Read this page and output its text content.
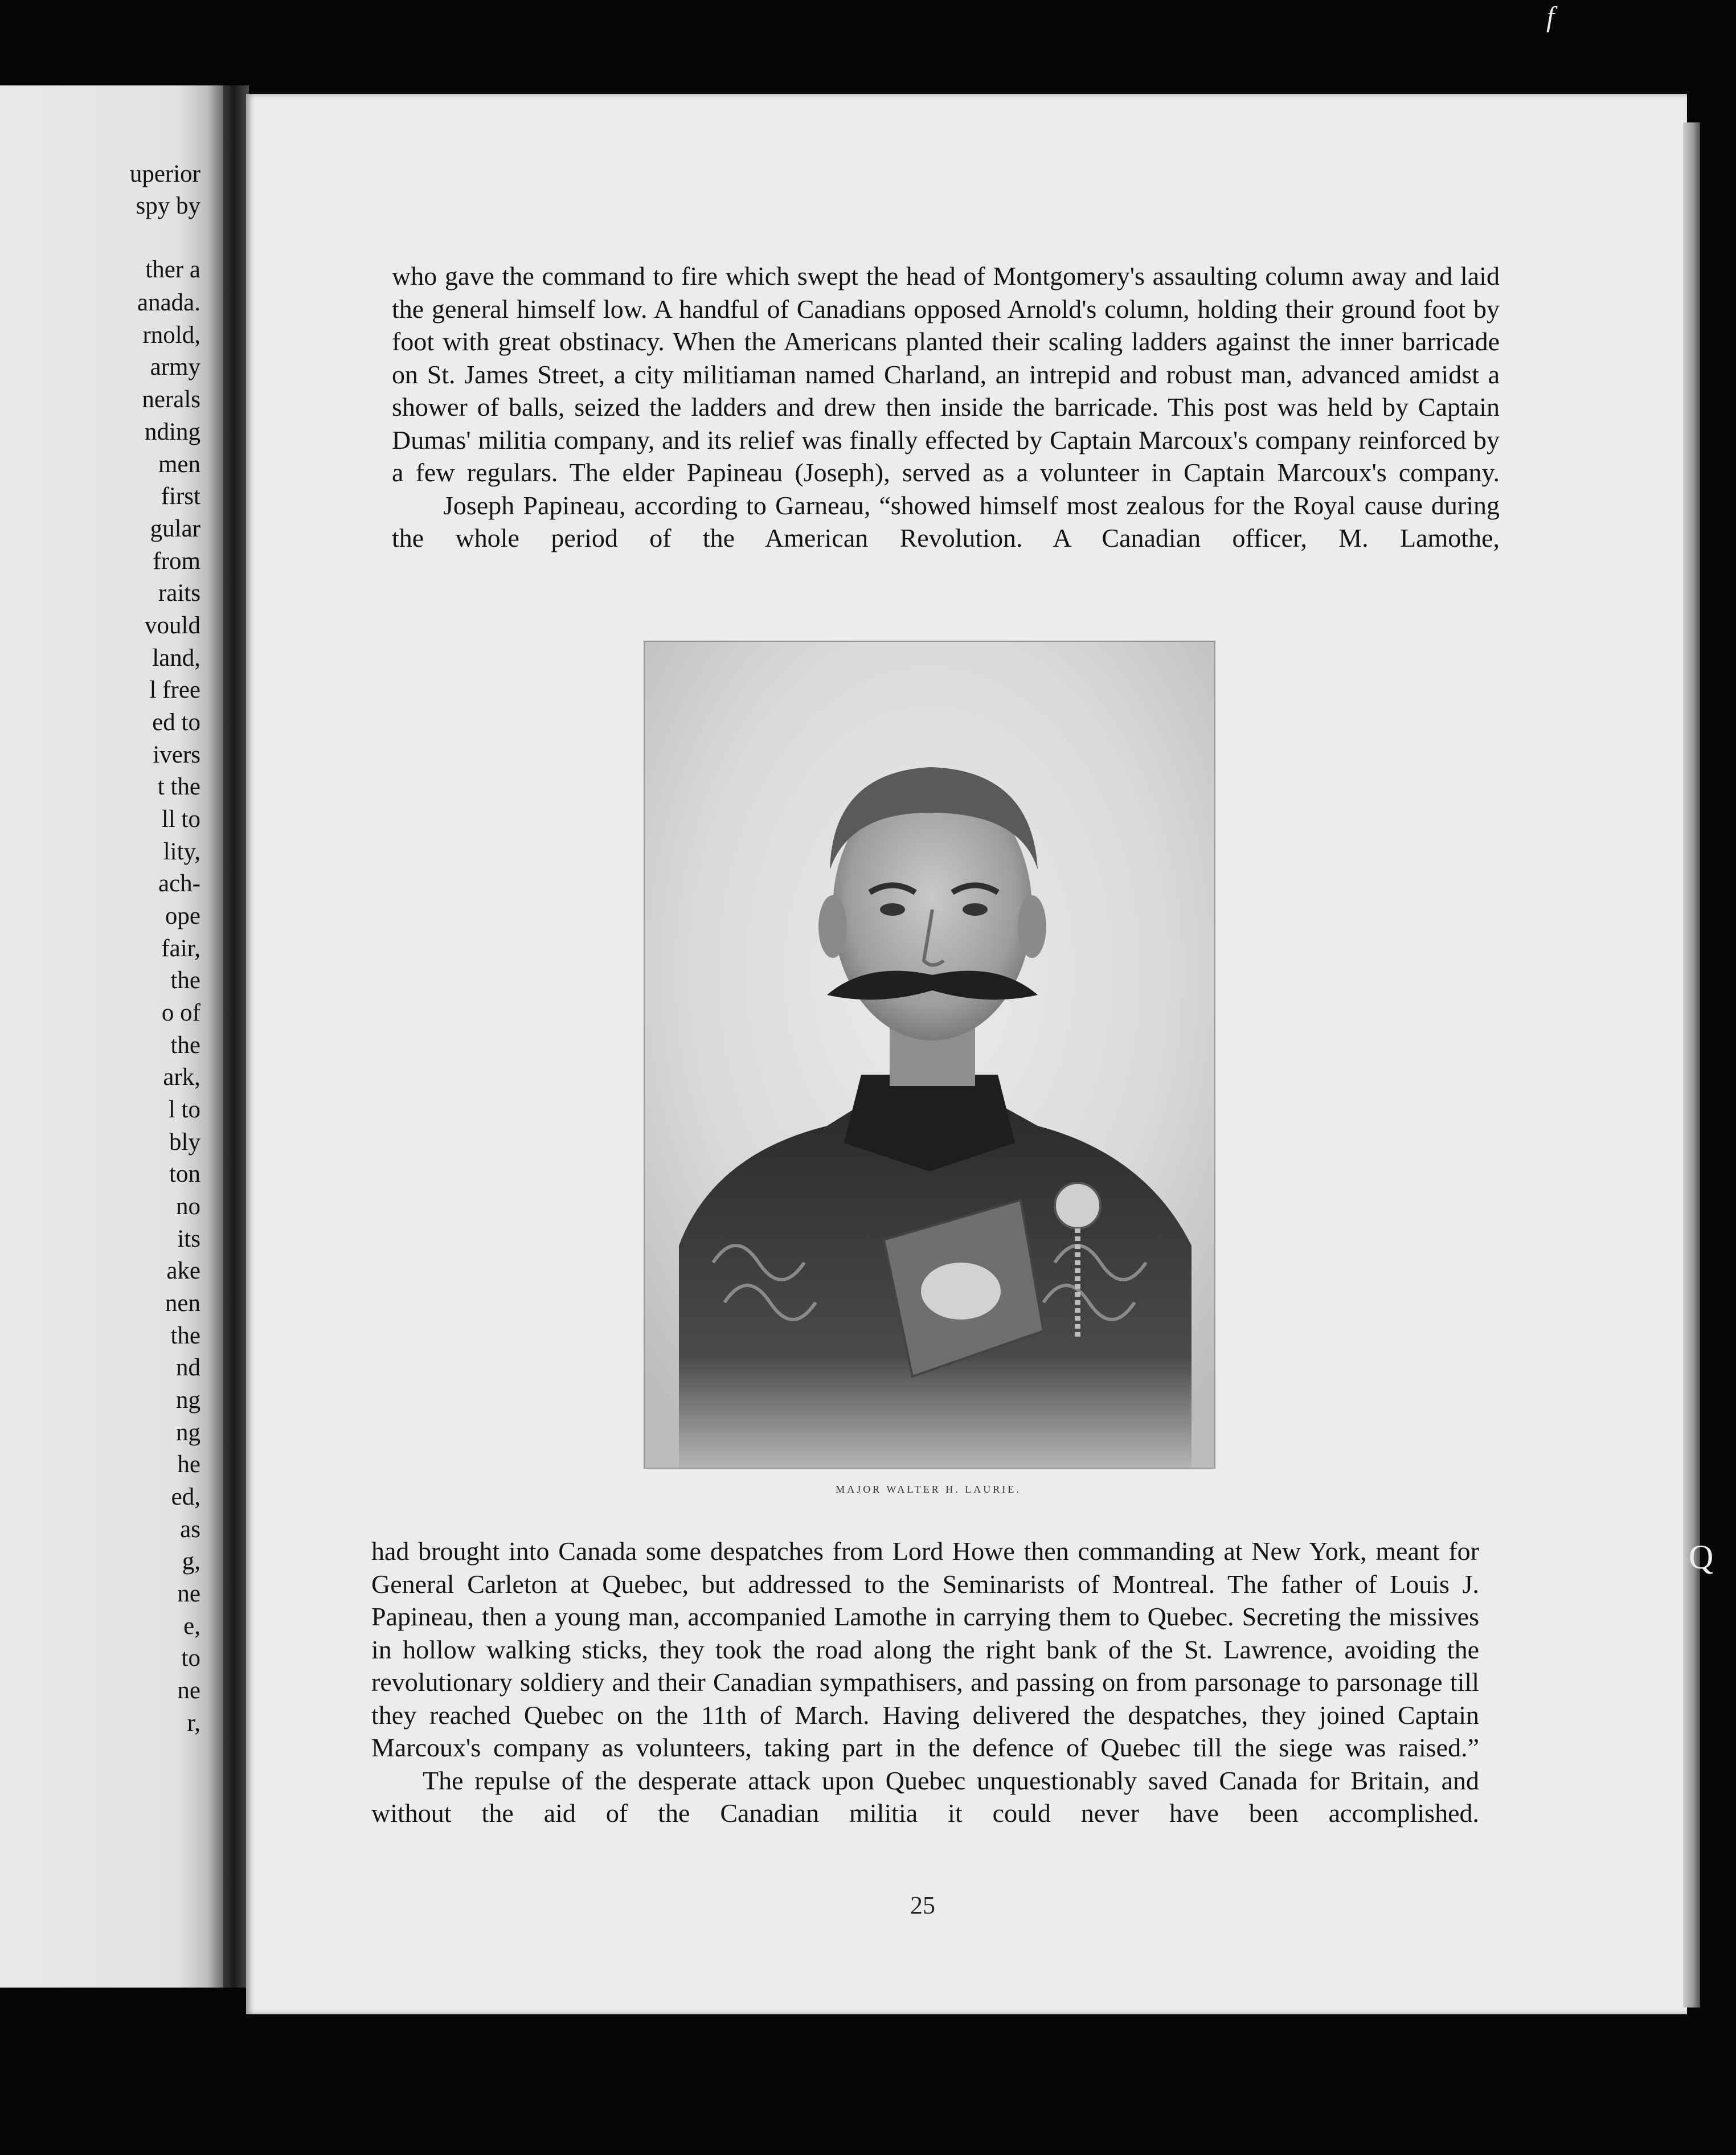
uperior
spy by
ther a
anada.
rnold,
army
nerals
nding
men
first
gular
from
raits
vould
land,
l free
ed to
ivers
t the
ll to
lity,
ach-
ope
fair,
the
o of
the
ark,
l to
bly
ton
no
its
ake
nen
the
nd
ng
ng
he
ed,
as
g,
ne
e,
to
ne
r,

who gave the command to fire which swept the head of Montgomery's assaulting column away and laid the general himself low. A handful of Canadians opposed Arnold's column, holding their ground foot by foot with great obstinacy. When the Americans planted their scaling ladders against the inner barricade on St. James Street, a city militiaman named Charland, an intrepid and robust man, advanced amidst a shower of balls, seized the ladders and drew then inside the barricade. This post was held by Captain Dumas' militia company, and its relief was finally effected by Captain Marcoux's company reinforced by a few regulars. The elder Papineau (Joseph), served as a volunteer in Captain Marcoux's company.

Joseph Papineau, according to Garneau, “showed himself most zealous for the Royal cause during the whole period of the American Revolution. A Canadian officer, M. Lamothe,

MAJOR WALTER H. LAURIE.

had brought into Canada some despatches from Lord Howe then commanding at New York, meant for General Carleton at Quebec, but addressed to the Seminarists of Montreal. The father of Louis J. Papineau, then a young man, accompanied Lamothe in carrying them to Quebec. Secreting the missives in hollow walking sticks, they took the road along the right bank of the St. Lawrence, avoiding the revolutionary soldiery and their Canadian sympathisers, and passing on from parsonage to parsonage till they reached Quebec on the 11th of March. Having delivered the despatches, they joined Captain Marcoux's company as volunteers, taking part in the defence of Quebec till the siege was raised.”

The repulse of the desperate attack upon Quebec unquestionably saved Canada for Britain, and without the aid of the Canadian militia it could never have been accomplished.

25
Q
f
